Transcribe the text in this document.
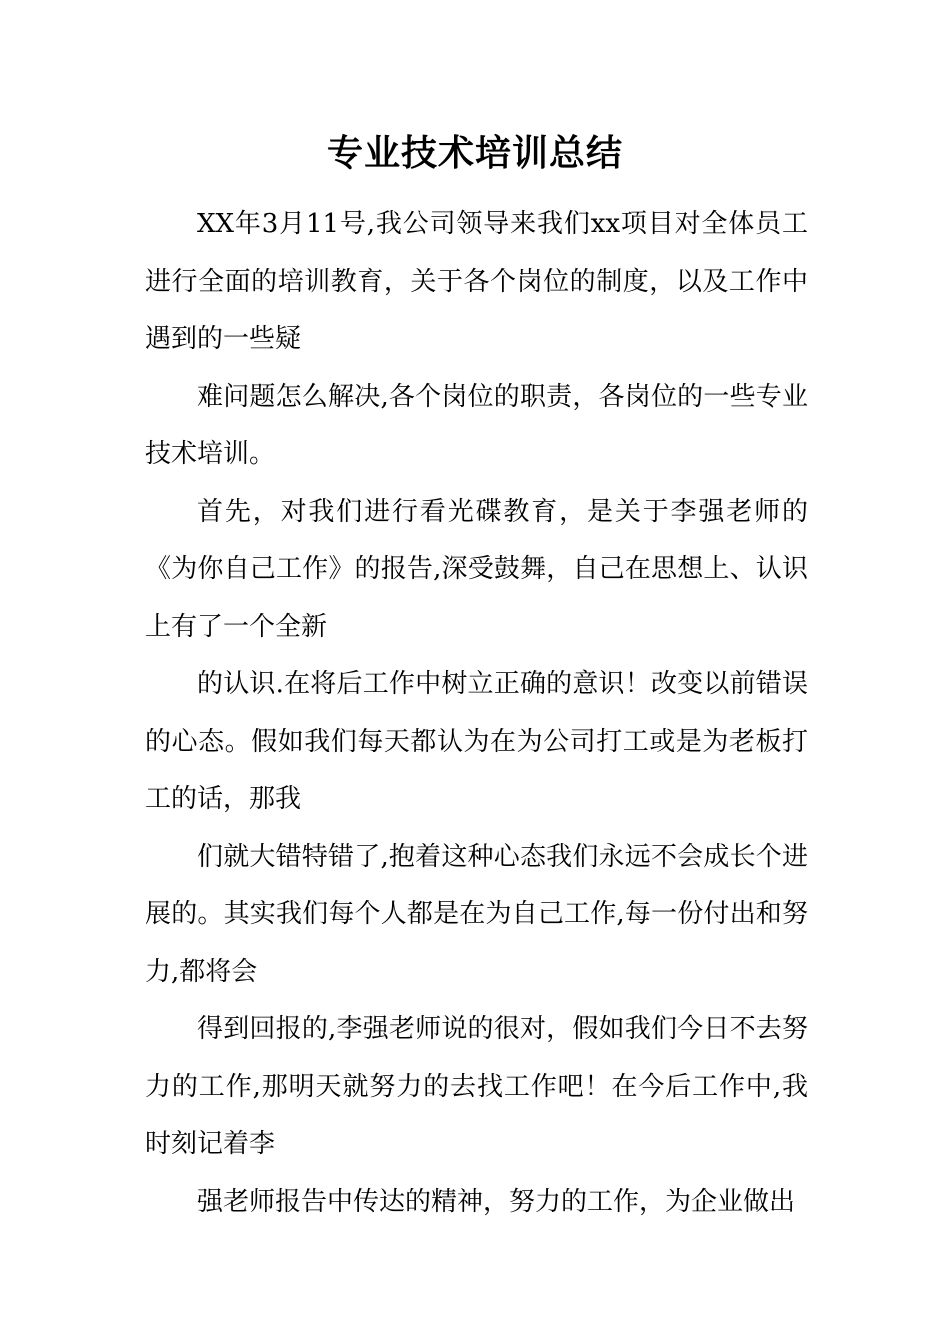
专业技术培训总结

XX年3月11号,我公司领导来我们xx项目对全体员工进行全面的培训教育，关于各个岗位的制度，以及工作中遇到的一些疑

难问题怎么解决,各个岗位的职责，各岗位的一些专业技术培训。

首先，对我们进行看光碟教育，是关于李强老师的《为你自己工作》的报告,深受鼓舞，自己在思想上、认识上有了一个全新

的认识.在将后工作中树立正确的意识！改变以前错误的心态。假如我们每天都认为在为公司打工或是为老板打工的话，那我

们就大错特错了,抱着这种心态我们永远不会成长个进展的。其实我们每个人都是在为自己工作,每一份付出和努力,都将会

得到回报的,李强老师说的很对，假如我们今日不去努力的工作,那明天就努力的去找工作吧！在今后工作中,我时刻记着李

强老师报告中传达的精神，努力的工作，为企业做出
